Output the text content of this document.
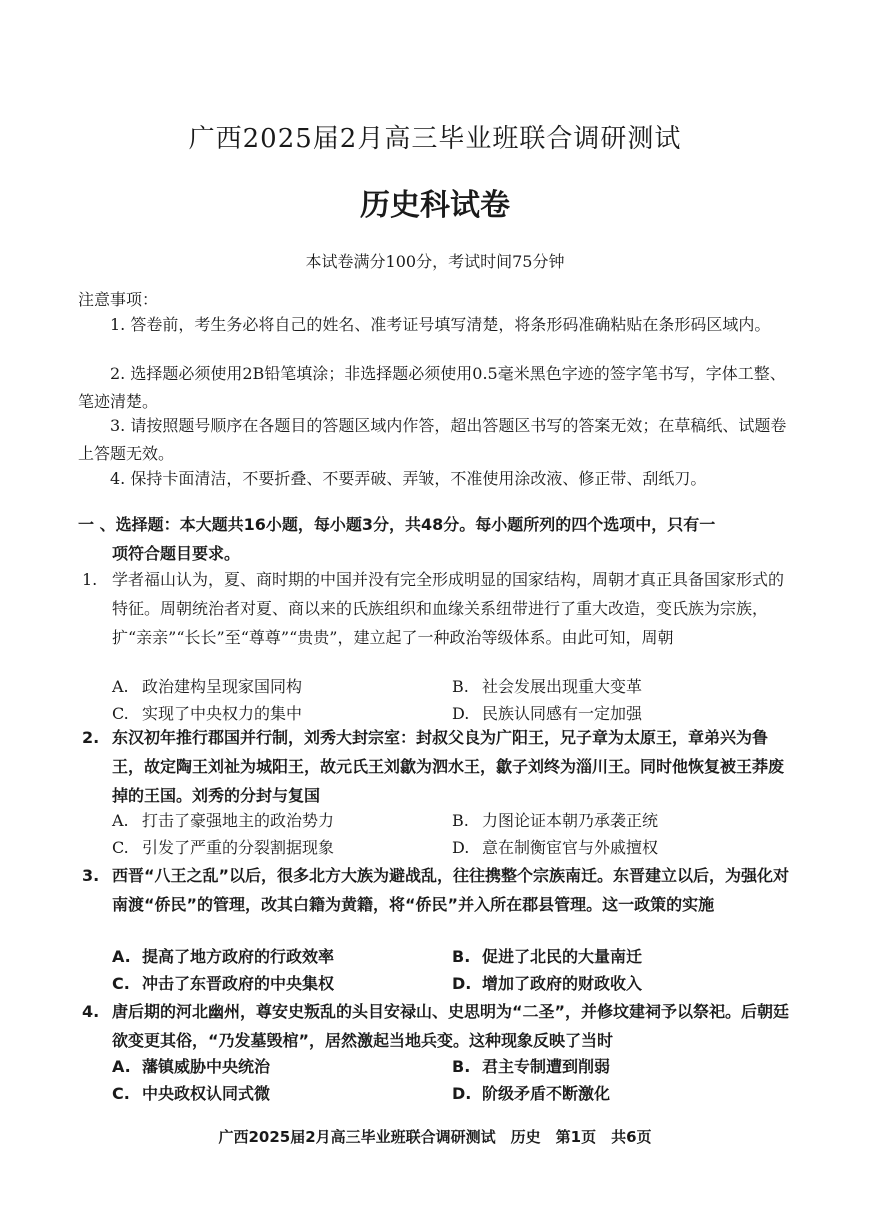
广西2025届2月高三毕业班联合调研测试
历史科试卷
本试卷满分100分，考试时间75分钟
注意事项：
1. 答卷前，考生务必将自己的姓名、准考证号填写清楚，将条形码准确粘贴在条形码区域内。
2. 选择题必须使用2B铅笔填涂；非选择题必须使用0.5毫米黑色字迹的签字笔书写，字体工整、笔迹清楚。
3. 请按照题号顺序在各题目的答题区域内作答，超出答题区书写的答案无效；在草稿纸、试题卷上答题无效。
4. 保持卡面清洁，不要折叠、不要弄破、弄皱，不准使用涂改液、修正带、刮纸刀。
一 、选择题：本大题共16小题，每小题3分，共48分。每小题所列的四个选项中，只有一
项符合题目要求。
1. 学者福山认为，夏、商时期的中国并没有完全形成明显的国家结构，周朝才真正具备国家形式的特征。周朝统治者对夏、商以来的氏族组织和血缘关系纽带进行了重大改造，变氏族为宗族，扩“亲亲”“长长”至“尊尊”“贵贵”，建立起了一种政治等级体系。由此可知，周朝
A. 政治建构呈现家国同构	B. 社会发展出现重大变革
C. 实现了中央权力的集中	D. 民族认同感有一定加强
2. 东汉初年推行郡国并行制，刘秀大封宗室：封叔父良为广阳王，兄子章为太原王，章弟兴为鲁王，故定陶王刘祉为城阳王，故元氏王刘歙为泗水王，歙子刘终为淄川王。同时他恢复被王莽废掉的王国。刘秀的分封与复国
A. 打击了豪强地主的政治势力	B. 力图论证本朝乃承袭正统
C. 引发了严重的分裂割据现象	D. 意在制衡宦官与外戚擅权
3. 西晋“八王之乱”以后，很多北方大族为避战乱，往往携整个宗族南迁。东晋建立以后，为强化对南渡“侨民”的管理，改其白籍为黄籍，将“侨民”并入所在郡县管理。这一政策的实施
A. 提高了地方政府的行政效率	B. 促进了北民的大量南迁
C. 冲击了东晋政府的中央集权	D. 增加了政府的财政收入
4. 唐后期的河北幽州，尊安史叛乱的头目安禄山、史思明为“二圣”，并修坟建祠予以祭祀。后朝廷欲变更其俗，“乃发墓毁棺”，居然激起当地兵变。这种现象反映了当时
A. 藩镇威胁中央统治	B. 君主专制遭到削弱
C. 中央政权认同式微	D. 阶级矛盾不断激化
广西2025届2月高三毕业班联合调研测试　历史　第1页　共6页
